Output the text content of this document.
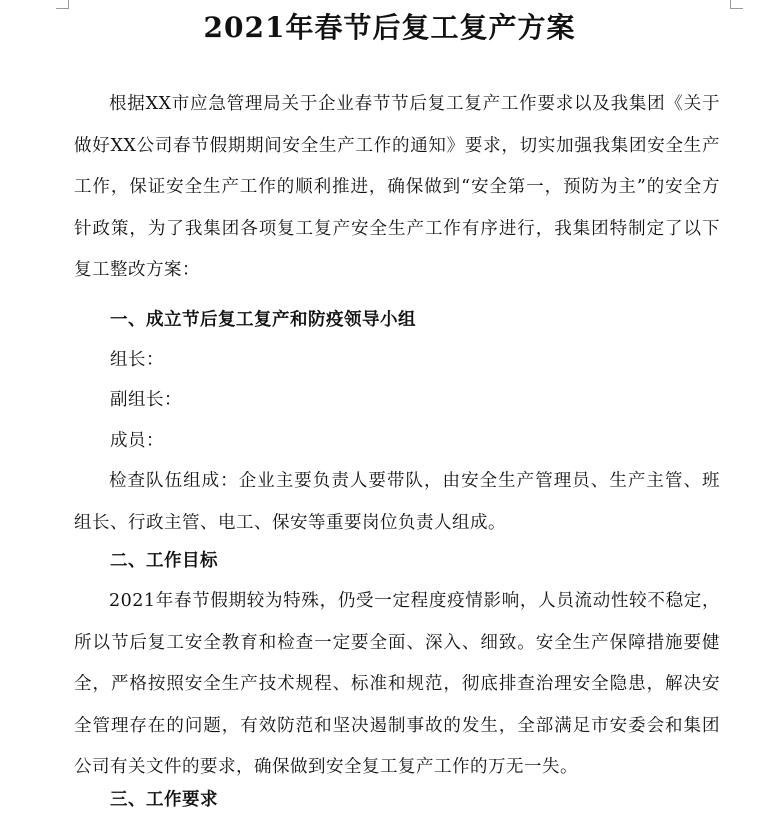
2021年春节后复工复产方案

根据XX市应急管理局关于企业春节节后复工复产工作要求以及我集团《关于做好XX公司春节假期期间安全生产工作的通知》要求，切实加强我集团安全生产工作，保证安全生产工作的顺利推进，确保做到“安全第一，预防为主”的安全方针政策，为了我集团各项复工复产安全生产工作有序进行，我集团特制定了以下复工整改方案：

一、成立节后复工复产和防疫领导小组

组长：

副组长：

成员：

检查队伍组成：企业主要负责人要带队，由安全生产管理员、生产主管、班组长、行政主管、电工、保安等重要岗位负责人组成。

二、工作目标

2021年春节假期较为特殊，仍受一定程度疫情影响，人员流动性较不稳定，所以节后复工安全教育和检查一定要全面、深入、细致。安全生产保障措施要健全，严格按照安全生产技术规程、标准和规范，彻底排查治理安全隐患，解决安全管理存在的问题，有效防范和坚决遏制事故的发生，全部满足市安委会和集团公司有关文件的要求，确保做到安全复工复产工作的万无一失。

三、工作要求
